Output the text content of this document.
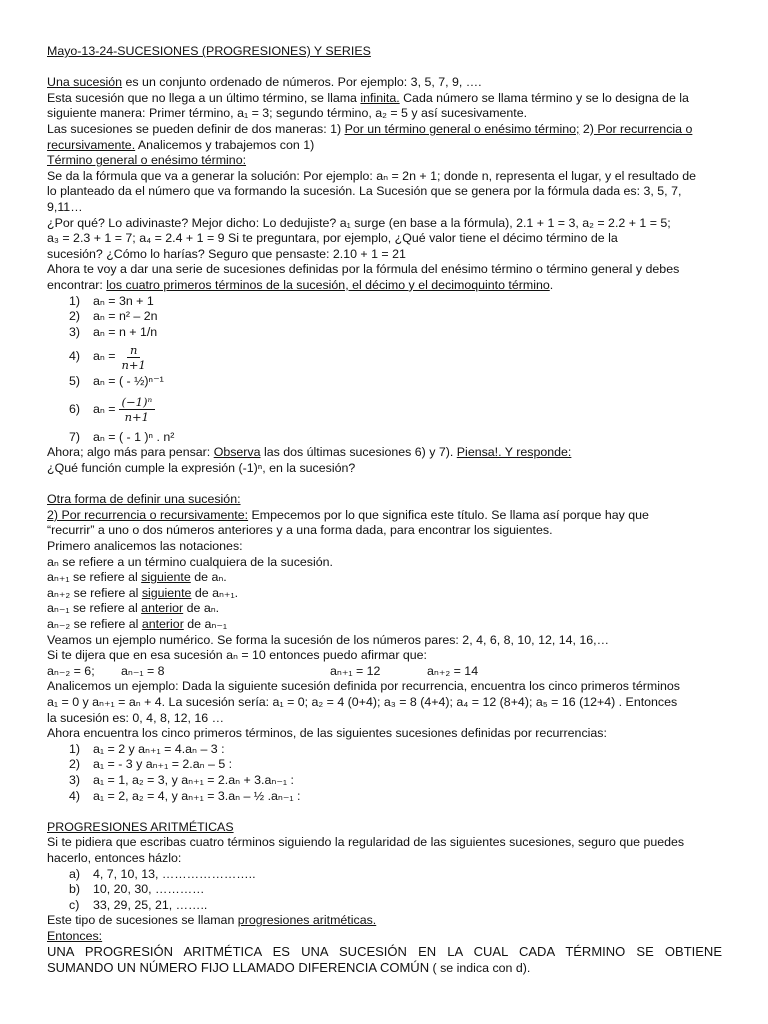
Mayo-13-24-SUCESIONES (PROGRESIONES) Y SERIES

Una sucesión es un conjunto ordenado de números. Por ejemplo: 3, 5, 7, 9, ….

Esta sucesión que no llega a un último término, se llama infinita. Cada número se llama término y se lo designa de la

siguiente manera: Primer término, a₁ = 3; segundo término, a₂ = 5 y así sucesivamente.

Las sucesiones se pueden definir de dos maneras: 1) Por un término general o enésimo término; 2) Por recurrencia o

recursivamente. Analicemos y trabajemos con 1)

Término general o enésimo término:

Se da la fórmula que va a generar la solución: Por ejemplo: aₙ = 2n + 1; donde n, representa el lugar, y el resultado de

lo planteado da el número que va formando la sucesión. La Sucesión que se genera por la fórmula dada es: 3, 5, 7,

9,11…

¿Por qué? Lo adivinaste? Mejor dicho: Lo dedujiste? a₁ surge (en base a la fórmula), 2.1 + 1 = 3, a₂ = 2.2 + 1 = 5;

a₃ = 2.3 + 1 = 7; a₄ = 2.4 + 1 = 9 Si te preguntara, por ejemplo, ¿Qué valor tiene el décimo término de la

sucesión? ¿Cómo lo harías? Seguro que pensaste: 2.10 + 1 = 21

Ahora te voy a dar una serie de sucesiones definidas por la fórmula del enésimo término o término general y debes

encontrar: los cuatro primeros términos de la sucesión, el décimo y el decimoquinto término.

1)	aₙ = 3n + 1
2)	aₙ = n² – 2n
3)	aₙ = n + 1/n
4)	$a_n = \frac{n}{n+1}$
5)	aₙ = ( - ½)ⁿ⁻¹
6)	$a_n = \frac{\text{(−1)ⁿ}}{n+1}$
7)	aₙ = ( - 1 )ⁿ . n²

Ahora; algo más para pensar: Observa las dos últimas sucesiones 6) y 7). Piensa!. Y responde:

¿Qué función cumple la expresión (-1)ⁿ, en la sucesión?

Otra forma de definir una sucesión:

2) Por recurrencia o recursivamente: Empecemos por lo que significa este título. Se llama así porque hay que

“recurrir” a uno o dos números anteriores y a una forma dada, para encontrar los siguientes.

Primero analicemos las notaciones:

aₙ se refiere a un término cualquiera de la sucesión.

aₙ₊₁ se refiere al siguiente de aₙ.

aₙ₊₂ se refiere al siguiente de aₙ₊₁.

aₙ₋₁ se refiere al anterior de aₙ.

aₙ₋₂ se refiere al anterior de aₙ₋₁

Veamos un ejemplo numérico. Se forma la sucesión de los números pares: 2, 4, 6, 8, 10, 12, 14, 16,…

Si te dijera que en esa sucesión aₙ = 10 entonces puedo afirmar que:

aₙ₋₂ = 6; aₙ₋₁ = 8	aₙ₊₁ = 12	aₙ₊₂ = 14

Analicemos un ejemplo: Dada la siguiente sucesión definida por recurrencia, encuentra los cinco primeros términos

a₁ = 0 y aₙ₊₁ = aₙ + 4. La sucesión sería: a₁ = 0; a₂ = 4 (0+4); a₃ = 8 (4+4); a₄ = 12 (8+4); a₅ = 16 (12+4) . Entonces

la sucesión es: 0, 4, 8, 12, 16 …

Ahora encuentra los cinco primeros términos, de las siguientes sucesiones definidas por recurrencias:

1)	a₁ = 2 y aₙ₊₁ = 4.aₙ – 3 :
2)	a₁ = - 3 y aₙ₊₁ = 2.aₙ – 5 :
3)	a₁ = 1, a₂ = 3, y aₙ₊₁ = 2.aₙ + 3.aₙ₋₁ :
4)	a₁ = 2, a₂ = 4, y aₙ₊₁ = 3.aₙ – ½ .aₙ₋₁ :

PROGRESIONES ARITMÉTICAS

Si te pidiera que escribas cuatro términos siguiendo la regularidad de las siguientes sucesiones, seguro que puedes

hacerlo, entonces házlo:

a)	4, 7, 10, 13, …………………..
b)	10, 20, 30, …………
c)	33, 29, 25, 21, ……..

Este tipo de sucesiones se llaman progresiones aritméticas.

Entonces:

UNA PROGRESIÓN ARITMÉTICA ES UNA SUCESIÓN EN LA CUAL CADA TÉRMINO SE OBTIENE

SUMANDO UN NÚMERO FIJO LLAMADO DIFERENCIA COMÚN ( se indica con d).
